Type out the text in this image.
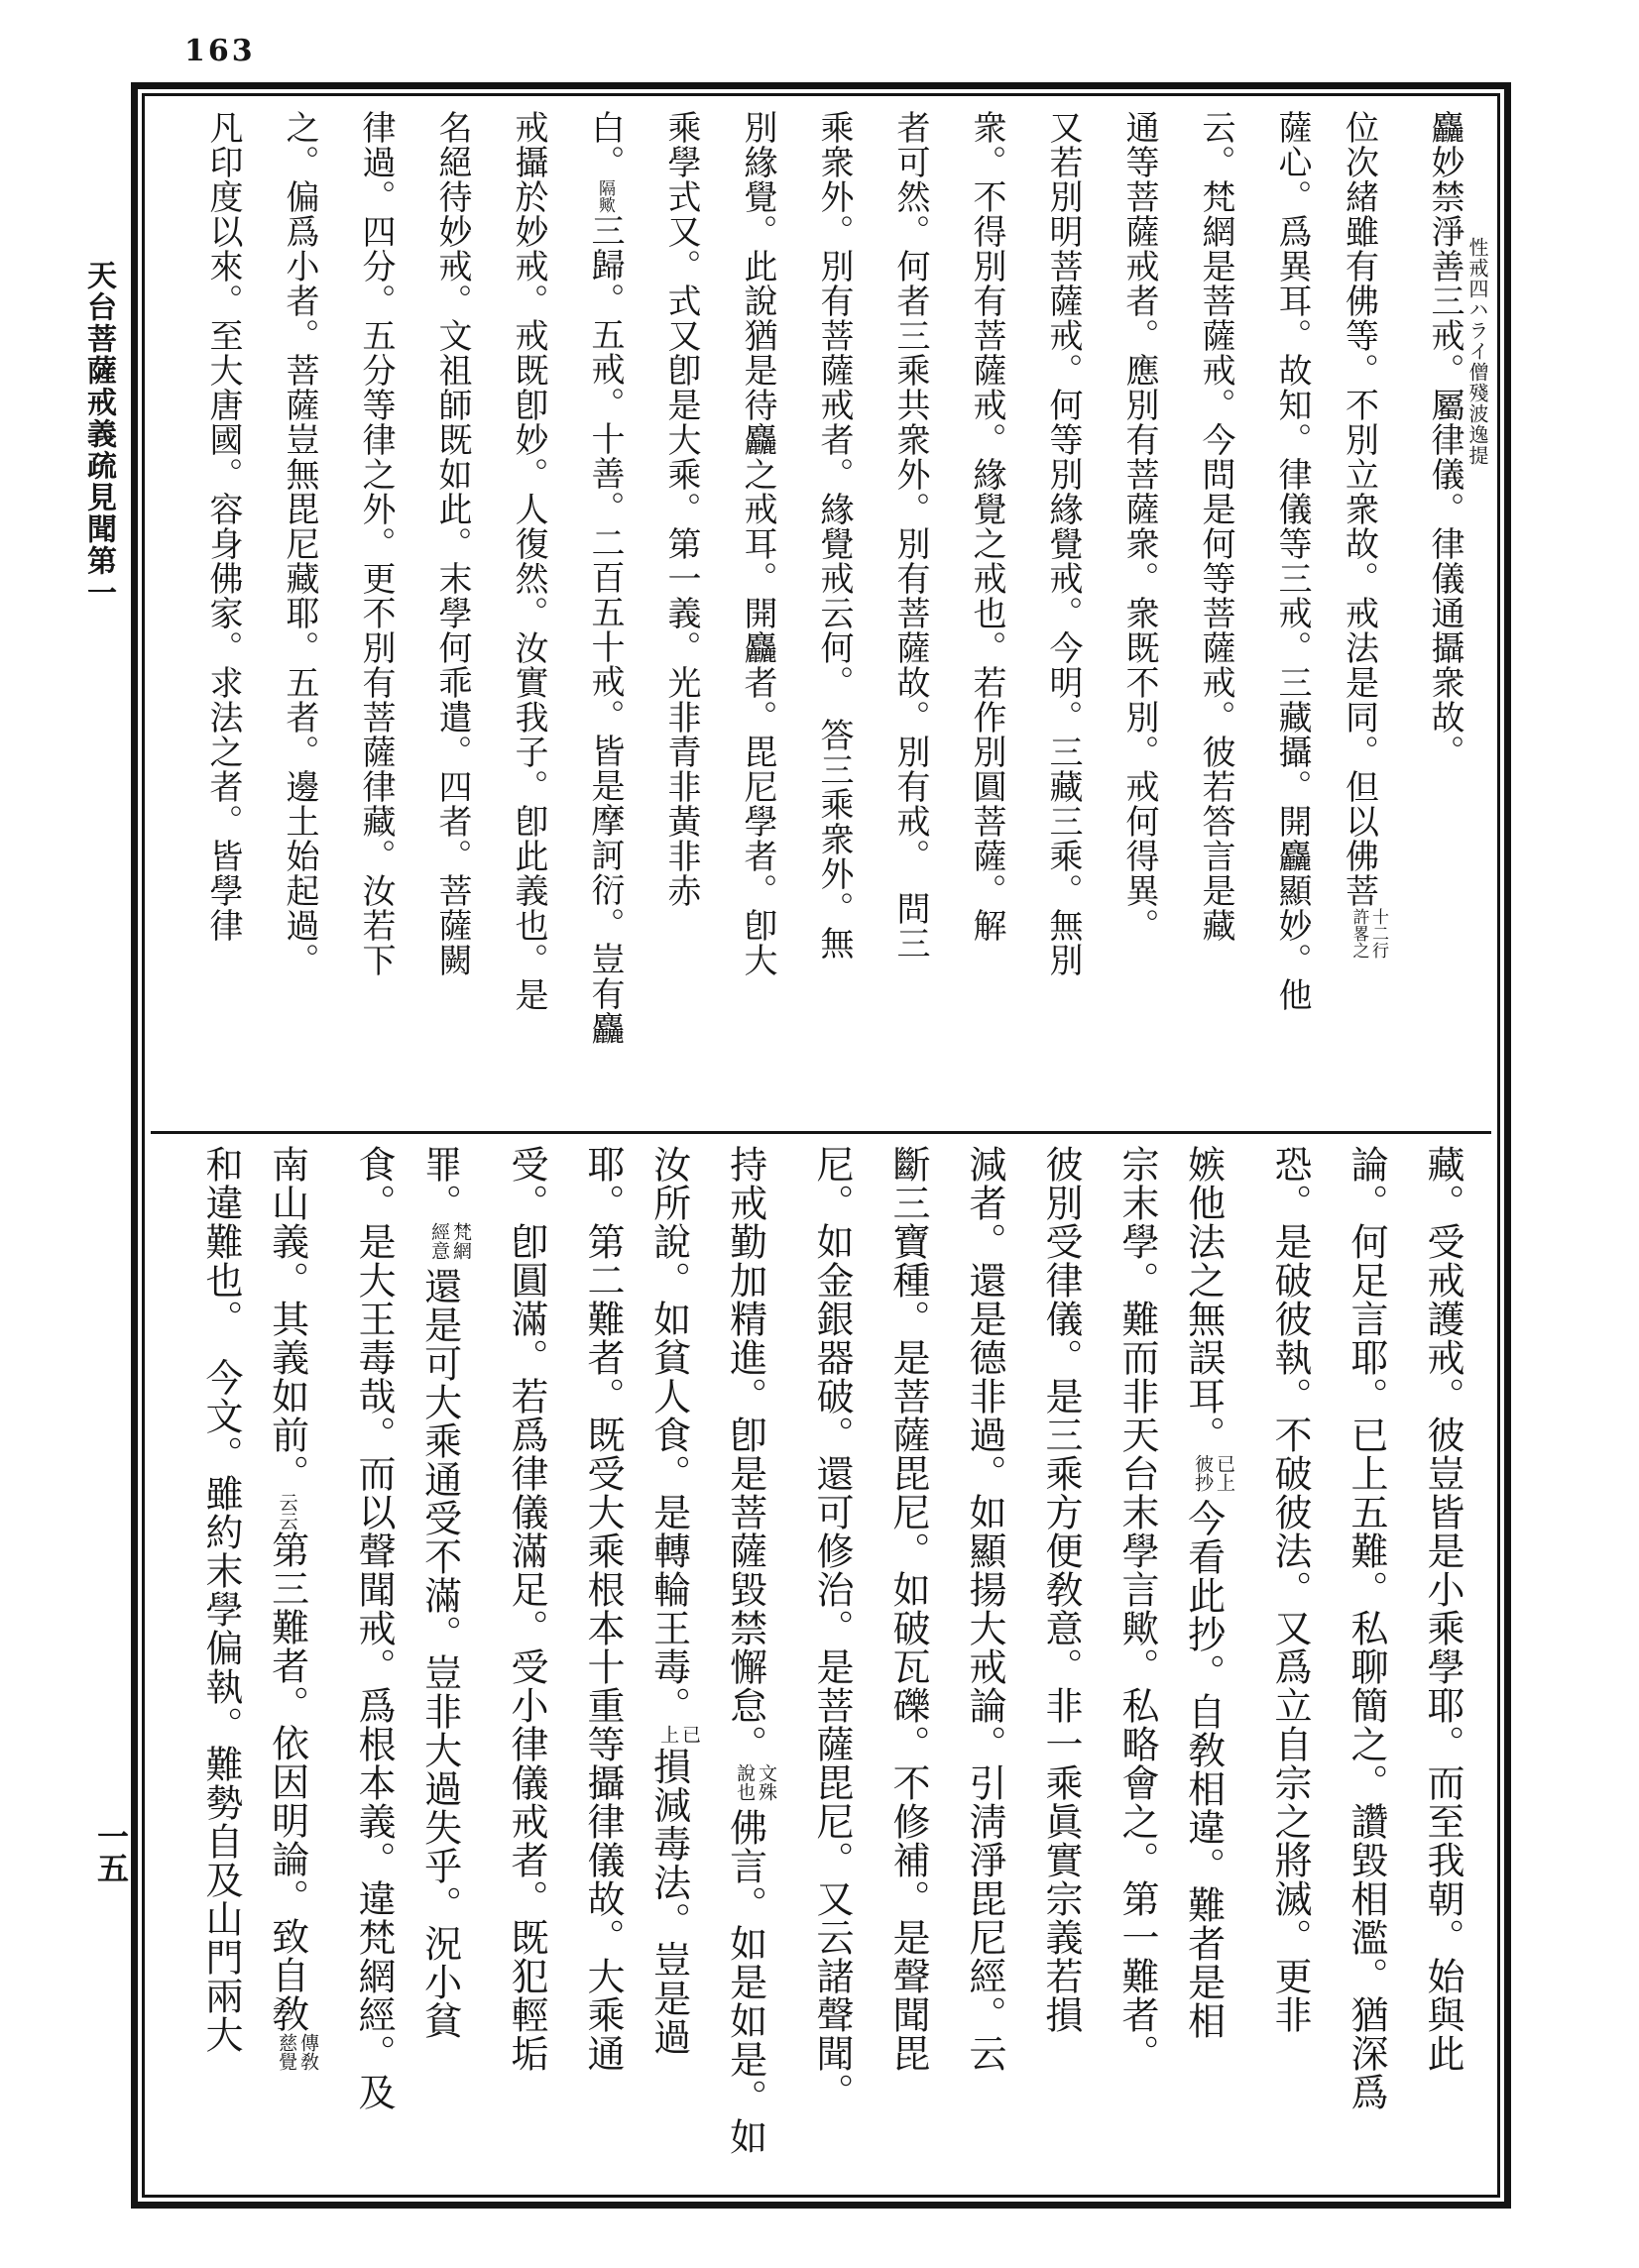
163
天台菩薩戒義疏見聞第一
一五
性戒四ハライ僧殘波逸提
麤妙禁淨善三戒。屬律儀。律儀通攝衆故。
位次緒雖有佛等。不別立衆故。戒法是同。但以佛菩十二行許畧之
薩心。爲異耳。故知。律儀等三戒。三藏攝。開麤顯妙。他
云。梵網是菩薩戒。今問是何等菩薩戒。彼若答言是藏
通等菩薩戒者。應別有菩薩衆。衆既不別。戒何得異。
又若別明菩薩戒。何等別緣覺戒。今明。三藏三乘。無別
衆。不得別有菩薩戒。緣覺之戒也。若作別圓菩薩。解
者可然。何者三乘共衆外。別有菩薩故。別有戒。　問三
乘衆外。別有菩薩戒者。緣覺戒云何。　答三乘衆外。無
別緣覺。此說猶是待麤之戒耳。開麤者。毘尼學者。卽大
乘學式又。式又卽是大乘。第一義。光非青非黃非赤
白。隔歟三歸。五戒。十善。二百五十戒。皆是摩訶衍。豈有麤
戒攝於妙戒。戒既卽妙。人復然。汝實我子。卽此義也。是
名絕待妙戒。文祖師既如此。末學何乖遣。四者。菩薩闕
律過。四分。五分等律之外。更不別有菩薩律藏。汝若下
之。偏爲小者。菩薩豈無毘尼藏耶。五者。邊土始起過。
凡印度以來。至大唐國。容身佛家。求法之者。皆學律
藏。受戒護戒。彼豈皆是小乘學耶。而至我朝。始與此
論。何足言耶。已上五難。私聊簡之。讚毀相濫。猶深爲
恐。是破彼執。不破彼法。又爲立自宗之將滅。更非
嫉他法之無誤耳。已上彼抄今看此抄。自敎相違。難者是相
宗末學。難而非天台末學言歟。私略會之。第一難者。
彼別受律儀。是三乘方便敎意。非一乘眞實宗義若損
減者。還是德非過。如顯揚大戒論。引淸淨毘尼經。云
斷三寶種。是菩薩毘尼。如破瓦礫。不修補。是聲聞毘
尼。如金銀器破。還可修治。是菩薩毘尼。又云諸聲聞。
持戒勤加精進。卽是菩薩毀禁懈怠。文殊說也佛言。如是如是。如
汝所說。如貧人食。是轉輪王毒。已上損減毒法。豈是過
耶。第二難者。既受大乘根本十重等攝律儀故。大乘通
受。卽圓滿。若爲律儀滿足。受小律儀戒者。既犯輕垢
罪。梵網經意還是可大乘通受不滿。豈非大過失乎。況小貧
食。是大王毒哉。而以聲聞戒。爲根本義。違梵網經。及
南山義。其義如前。云云第三難者。依因明論。致自敎傳敎慈覺
和違難也。　今文。雖約末學偏執。難勢自及山門兩大
